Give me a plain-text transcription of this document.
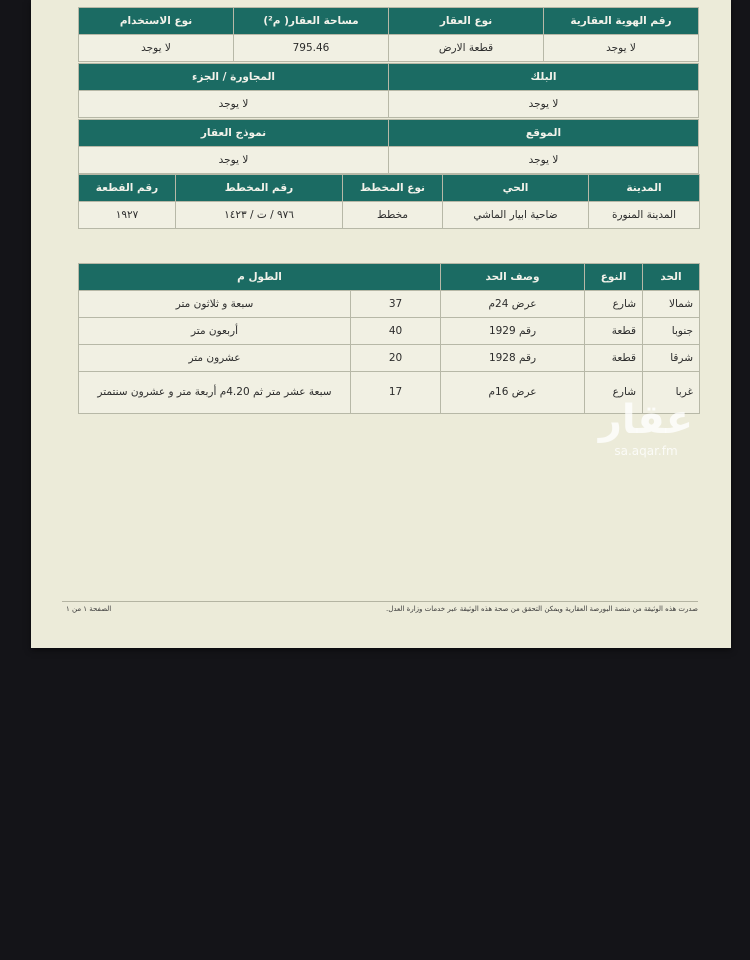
رقم الهوية العقارية	نوع العقار	مساحة العقار( م²)	نوع الاستخدام
لا يوجد	قطعة الارض	795.46	لا يوجد
البلك	المجاورة / الجزء
لا يوجد	لا يوجد
الموقع	نموذج العقار
لا يوجد	لا يوجد
المدينة	الحي	نوع المخطط	رقم المخطط	رقم القطعة
المدينة المنورة	ضاحية ابيار الماشي	مخطط	٩٧٦ / ت / ١٤٢٣	١٩٢٧
الحد	النوع	وصف الحد	الطول م	
شمالا	شارع	عرض 24م	37	سبعة و ثلاثون متر
جنوبا	قطعة	رقم 1929	40	أربعون متر
شرقا	قطعة	رقم 1928	20	عشرون متر
غربا	شارع	عرض 16م	17	سبعة عشر متر ثم 4.20م أربعة متر و عشرون سنتمتر
عقار
sa.aqar.fm
صدرت هذه الوثيقة من منصة البورصة العقارية ويمكن التحقق من صحة هذه الوثيقة عبر خدمات وزارة العدل.
الصفحة ١ من ١
